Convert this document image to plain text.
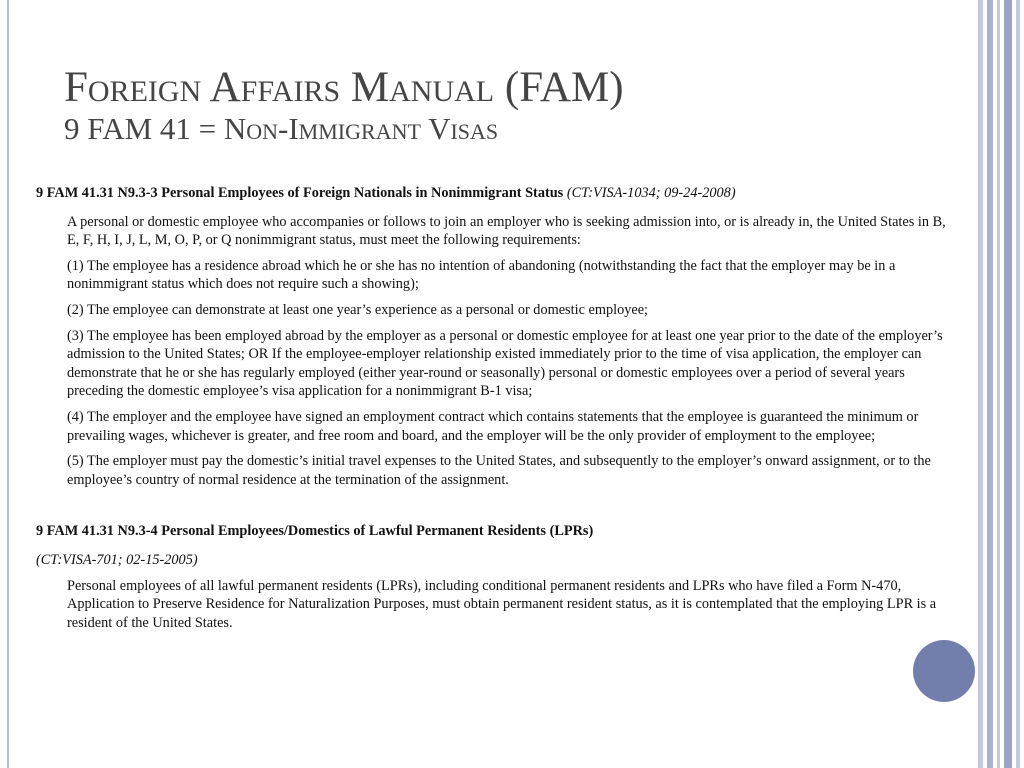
Foreign Affairs Manual (FAM)
9 FAM 41 = Non-Immigrant Visas

9 FAM 41.31 N9.3-3 Personal Employees of Foreign Nationals in Nonimmigrant Status (CT:VISA-1034; 09-24-2008)

A personal or domestic employee who accompanies or follows to join an employer who is seeking admission into, or is already in, the United States in B, E, F, H, I, J, L, M, O, P, or Q nonimmigrant status, must meet the following requirements:

(1) The employee has a residence abroad which he or she has no intention of abandoning (notwithstanding the fact that the employer may be in a nonimmigrant status which does not require such a showing);

(2) The employee can demonstrate at least one year’s experience as a personal or domestic employee;

(3) The employee has been employed abroad by the employer as a personal or domestic employee for at least one year prior to the date of the employer’s admission to the United States; OR If the employee-employer relationship existed immediately prior to the time of visa application, the employer can demonstrate that he or she has regularly employed (either year-round or seasonally) personal or domestic employees over a period of several years preceding the domestic employee’s visa application for a nonimmigrant B-1 visa;

(4) The employer and the employee have signed an employment contract which contains statements that the employee is guaranteed the minimum or prevailing wages, whichever is greater, and free room and board, and the employer will be the only provider of employment to the employee;

(5) The employer must pay the domestic’s initial travel expenses to the United States, and subsequently to the employer’s onward assignment, or to the employee’s country of normal residence at the termination of the assignment.

9 FAM 41.31 N9.3-4 Personal Employees/Domestics of Lawful Permanent Residents (LPRs)

(CT:VISA-701; 02-15-2005)

Personal employees of all lawful permanent residents (LPRs), including conditional permanent residents and LPRs who have filed a Form N-470, Application to Preserve Residence for Naturalization Purposes, must obtain permanent resident status, as it is contemplated that the employing LPR is a resident of the United States.
